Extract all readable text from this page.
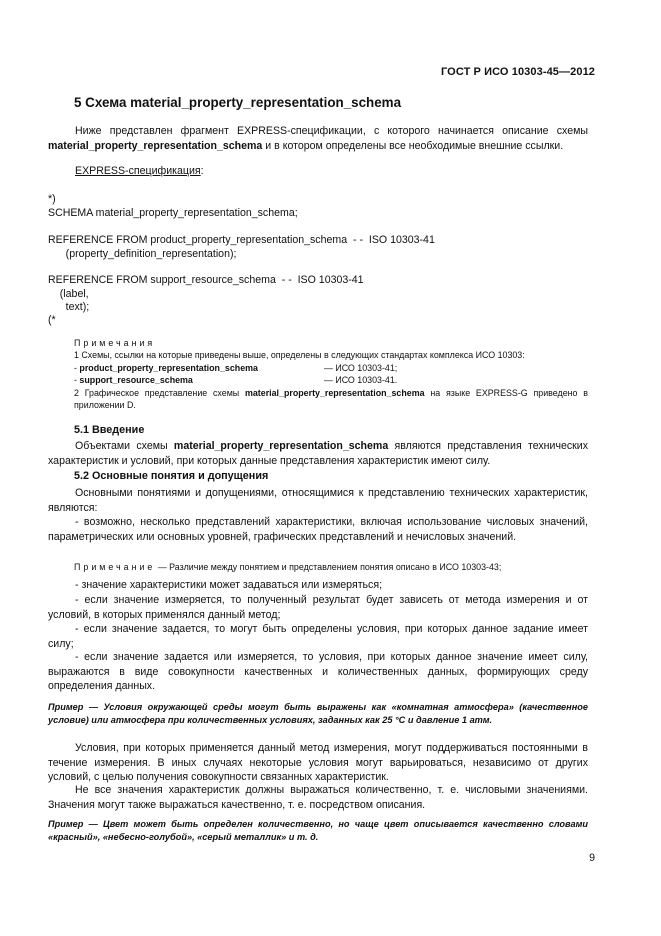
ГОСТ Р ИСО 10303-45—2012
5 Схема material_property_representation_schema
Ниже представлен фрагмент EXPRESS-спецификации, с которого начинается описание схемы material_property_representation_schema и в котором определены все необходимые внешние ссылки.
EXPRESS-спецификация:
*)
SCHEMA material_property_representation_schema;
REFERENCE FROM product_property_representation_schema  - -  ISO 10303-41
(property_definition_representation);
REFERENCE FROM support_resource_schema  - -  ISO 10303-41
(label,
text);
(*
Примечания
1 Схемы, ссылки на которые приведены выше, определены в следующих стандартах комплекса ИСО 10303:
- product_property_representation_schema	— ИСО 10303-41;
- support_resource_schema	— ИСО 10303-41.
2 Графическое представление схемы material_property_representation_schema на языке EXPRESS-G приведено в приложении D.
5.1 Введение
Объектами схемы material_property_representation_schema являются представления технических характеристик и условий, при которых данные представления характеристик имеют силу.
5.2 Основные понятия и допущения
Основными понятиями и допущениями, относящимися к представлению технических характеристик, являются:
- возможно, несколько представлений характеристики, включая использование числовых значений, параметрических или основных уровней, графических представлений и нечисловых значений.
Примечание — Различие между понятием и представлением понятия описано в ИСО 10303-43;
- значение характеристики может задаваться или измеряться;
- если значение измеряется, то полученный результат будет зависеть от метода измерения и от условий, в которых применялся данный метод;
- если значение задается, то могут быть определены условия, при которых данное задание имеет силу;
- если значение задается или измеряется, то условия, при которых данное значение имеет силу, выражаются в виде совокупности качественных и количественных данных, формирующих среду определения данных.
Пример — Условия окружающей среды могут быть выражены как «комнатная атмосфера» (качественное условие) или атмосфера при количественных условиях, заданных как 25 °С и давление 1 атм.
Условия, при которых применяется данный метод измерения, могут поддерживаться постоянными в течение измерения. В иных случаях некоторые условия могут варьироваться, независимо от других условий, с целью получения совокупности связанных характеристик.
Не все значения характеристик должны выражаться количественно, т. е. числовыми значениями. Значения могут также выражаться качественно, т. е. посредством описания.
Пример — Цвет может быть определен количественно, но чаще цвет описывается качественно словами «красный», «небесно-голубой», «серый металлик» и т. д.
9
